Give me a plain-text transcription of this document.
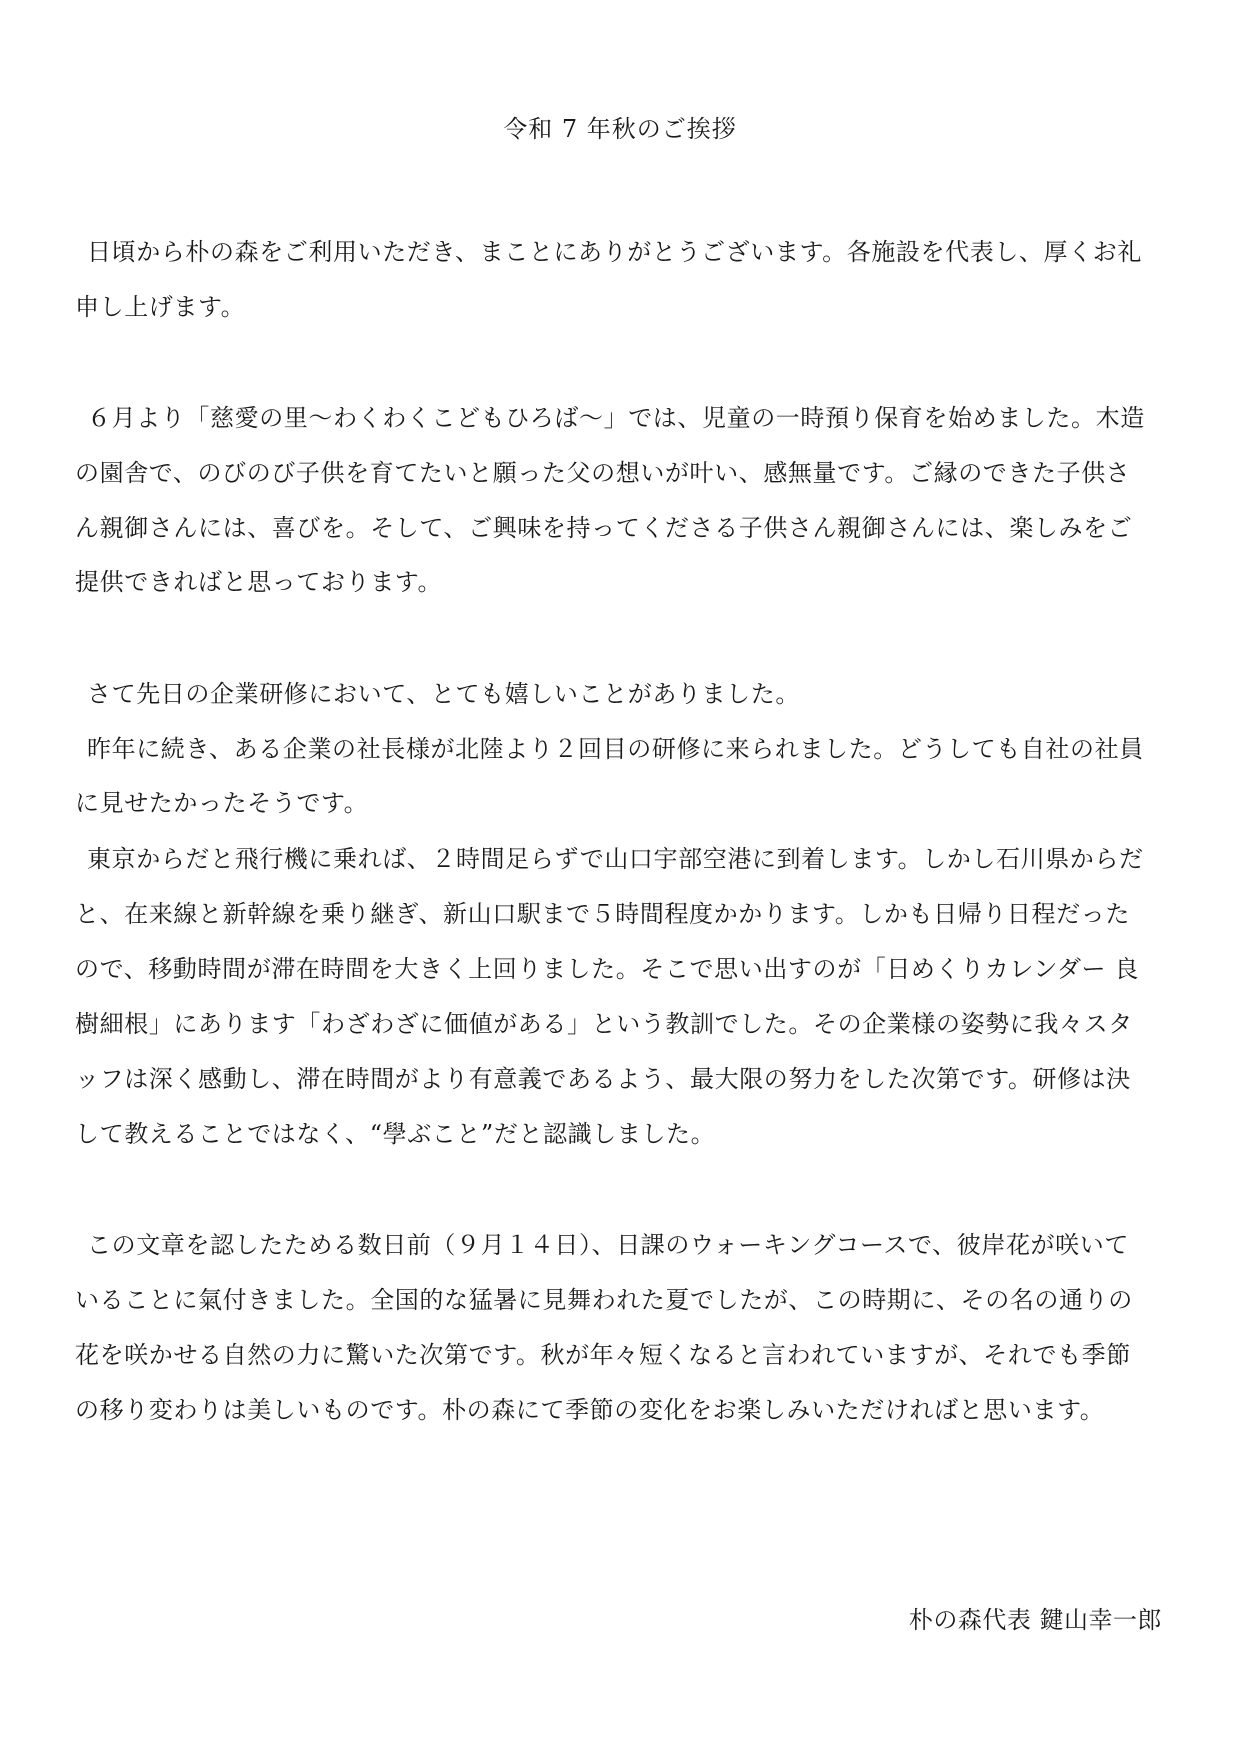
令和 7 年秋のご挨拶
日頃から朴の森をご利用いただき、まことにありがとうございます。各施設を代表し、厚くお礼
申し上げます。
６月より「慈愛の里～わくわくこどもひろば～」では、児童の一時預り保育を始めました。木造
の園舎で、のびのび子供を育てたいと願った父の想いが叶い、感無量です。ご縁のできた子供さ
ん親御さんには、喜びを。そして、ご興味を持ってくださる子供さん親御さんには、楽しみをご
提供できればと思っております。
さて先日の企業研修において、とても嬉しいことがありました。
昨年に続き、ある企業の社長様が北陸より２回目の研修に来られました。どうしても自社の社員
に見せたかったそうです。
東京からだと飛行機に乗れば、２時間足らずで山口宇部空港に到着します。しかし石川県からだ
と、在来線と新幹線を乗り継ぎ、新山口駅まで５時間程度かかります。しかも日帰り日程だった
ので、移動時間が滞在時間を大きく上回りました。そこで思い出すのが「日めくりカレンダー 良
樹細根」にあります「わざわざに価値がある」という教訓でした。その企業様の姿勢に我々スタ
ッフは深く感動し、滞在時間がより有意義であるよう、最大限の努力をした次第です。研修は決
して教えることではなく、“學ぶこと”だと認識しました。
この文章を認したためる数日前（９月１４日）、日課のウォーキングコースで、彼岸花が咲いて
いることに氣付きました。全国的な猛暑に見舞われた夏でしたが、この時期に、その名の通りの
花を咲かせる自然の力に驚いた次第です。秋が年々短くなると言われていますが、それでも季節
の移り変わりは美しいものです。朴の森にて季節の変化をお楽しみいただければと思います。
朴の森代表 鍵山幸一郎
